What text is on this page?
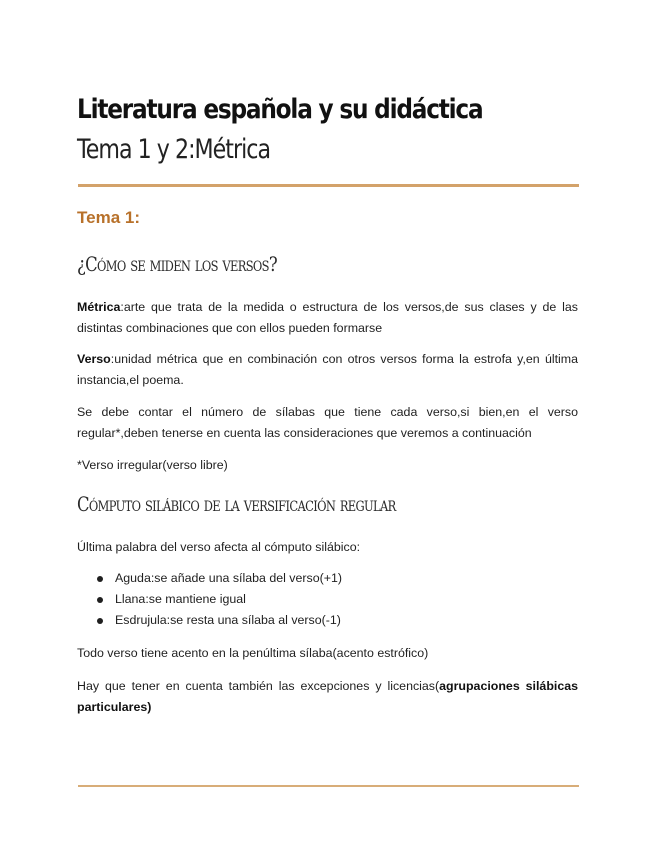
Literatura española y su didáctica
Tema 1 y 2:Métrica
Tema 1:
¿Cómo se miden los versos?

Métrica:arte que trata de la medida o estructura de los versos,de sus clases y de las distintas combinaciones que con ellos pueden formarse

Verso:unidad métrica que en combinación con otros versos forma la estrofa y,en última instancia,el poema.

Se debe contar el número de sílabas que tiene cada verso,si bien,en el verso regular*,deben tenerse en cuenta las consideraciones que veremos a continuación

*Verso irregular(verso libre)

Cómputo silábico de la versificación regular

Última palabra del verso afecta al cómputo silábico:

Aguda:se añade una sílaba del verso(+1)
Llana:se mantiene igual
Esdrujula:se resta una sílaba al verso(-1)

Todo verso tiene acento en la penúltima sílaba(acento estrófico)

Hay que tener en cuenta también las excepciones y licencias(agrupaciones silábicas particulares)
